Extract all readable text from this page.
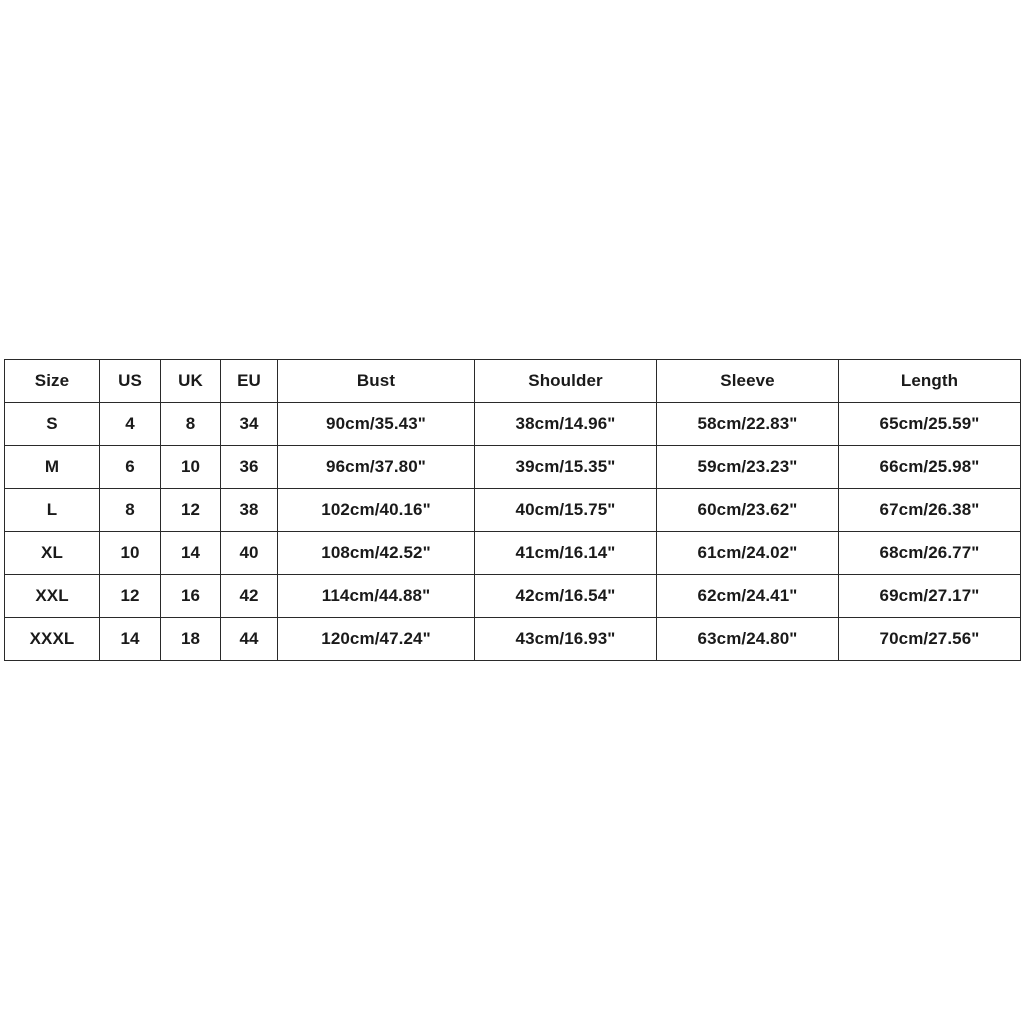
Size	US	UK	EU	Bust	Shoulder	Sleeve	Length
S	4	8	34	90cm/35.43"	38cm/14.96"	58cm/22.83"	65cm/25.59"
M	6	10	36	96cm/37.80"	39cm/15.35"	59cm/23.23"	66cm/25.98"
L	8	12	38	102cm/40.16"	40cm/15.75"	60cm/23.62"	67cm/26.38"
XL	10	14	40	108cm/42.52"	41cm/16.14"	61cm/24.02"	68cm/26.77"
XXL	12	16	42	114cm/44.88"	42cm/16.54"	62cm/24.41"	69cm/27.17"
XXXL	14	18	44	120cm/47.24"	43cm/16.93"	63cm/24.80"	70cm/27.56"
